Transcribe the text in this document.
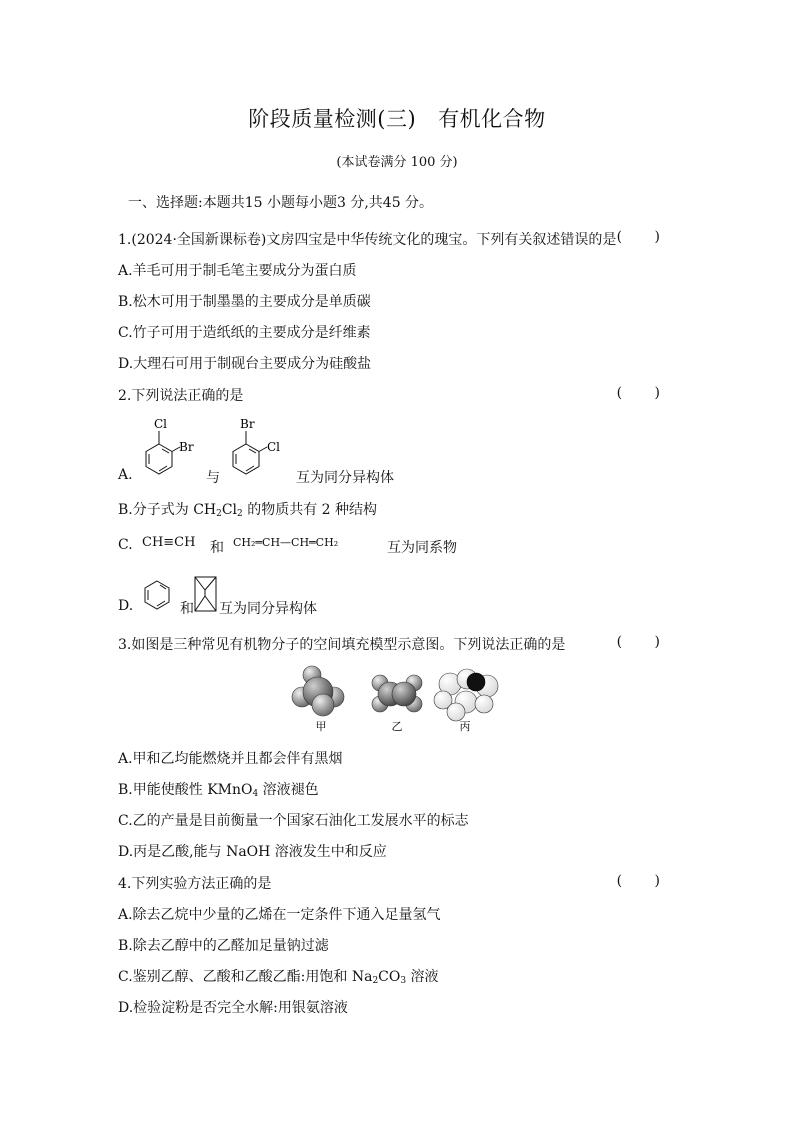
阶段质量检测(三) 有机化合物
(本试卷满分 100 分)
一、选择题:本题共15 小题每小题3 分,共45 分。
1.(2024·全国新课标卷)文房四宝是中华传统文化的瑰宝。下列有关叙述错误的是 ( )
A.羊毛可用于制毛笔主要成分为蛋白质
B.松木可用于制墨墨的主要成分是单质碳
C.竹子可用于造纸纸的主要成分是纤维素
D.大理石可用于制砚台主要成分为硅酸盐
2.下列说法正确的是	( )
A.
Cl
Br
与
Br
Cl
互为同分异构体
B.分子式为 $CH_2Cl_2$ 的物质共有 2 种结构
C. CH≡CH 和 CH₂═CH—CH═CH₂	互为同系物
D.	和 互为同分异构体
3.如图是三种常见有机物分子的空间填充模型示意图。下列说法正确的是	( )
甲	乙	丙
A.甲和乙均能燃烧并且都会伴有黑烟
B.甲能使酸性 KMnO$_4$ 溶液褪色
C.乙的产量是目前衡量一个国家石油化工发展水平的标志
D.丙是乙酸,能与 NaOH 溶液发生中和反应
4.下列实验方法正确的是	( )
A.除去乙烷中少量的乙烯在一定条件下通入足量氢气
B.除去乙醇中的乙醛加足量钠过滤
C.鉴别乙醇、乙酸和乙酸乙酯:用饱和 $Na_2CO_3$ 溶液
D.检验淀粉是否完全水解:用银氨溶液
